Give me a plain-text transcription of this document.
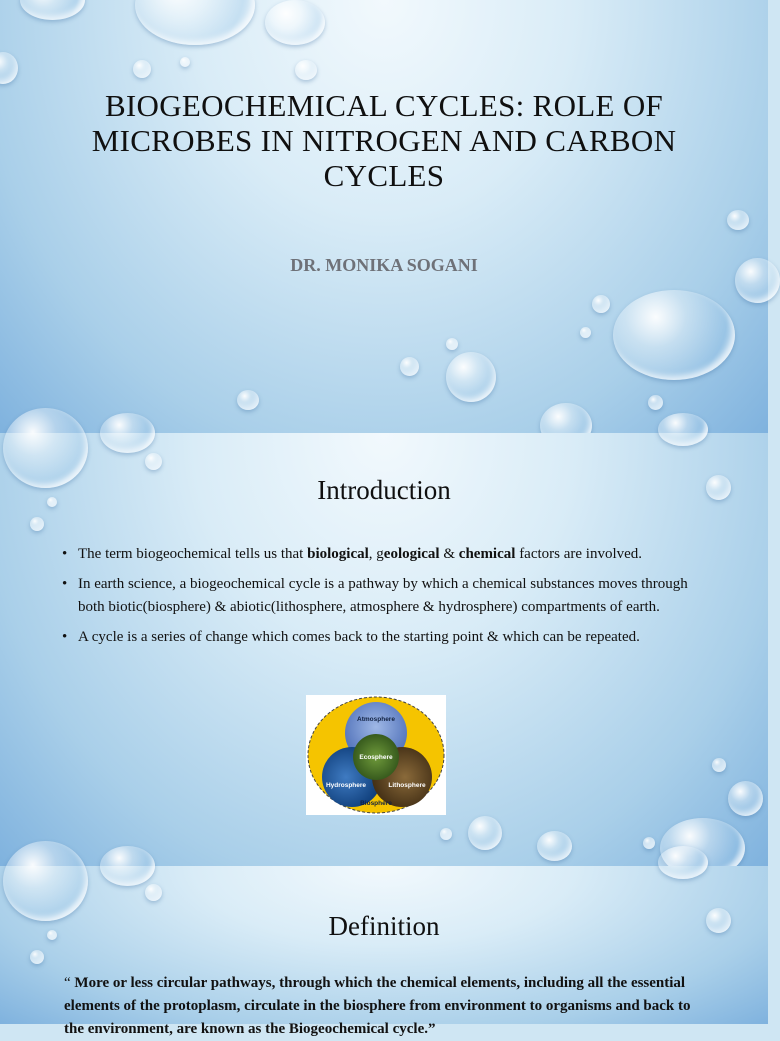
BIOGEOCHEMICAL CYCLES: ROLE OF MICROBES IN NITROGEN AND CARBON CYCLES
DR. MONIKA SOGANI
Introduction
• The term biogeochemical tells us that biological, geological & chemical factors are involved.
• In earth science, a biogeochemical cycle is a pathway by which a chemical substances moves through both biotic(biosphere) & abiotic(lithosphere, atmosphere & hydrosphere) compartments of earth.
• A cycle is a series of change which comes back to the starting point & which can be repeated.
Atmosphere
Ecosphere
Hydrosphere	Lithosphere
Biosphere
Definition
“ More or less circular pathways, through which the chemical elements, including all the essential elements of the protoplasm, circulate in the biosphere from environment to organisms and back to the environment, are known as the Biogeochemical cycle.”
